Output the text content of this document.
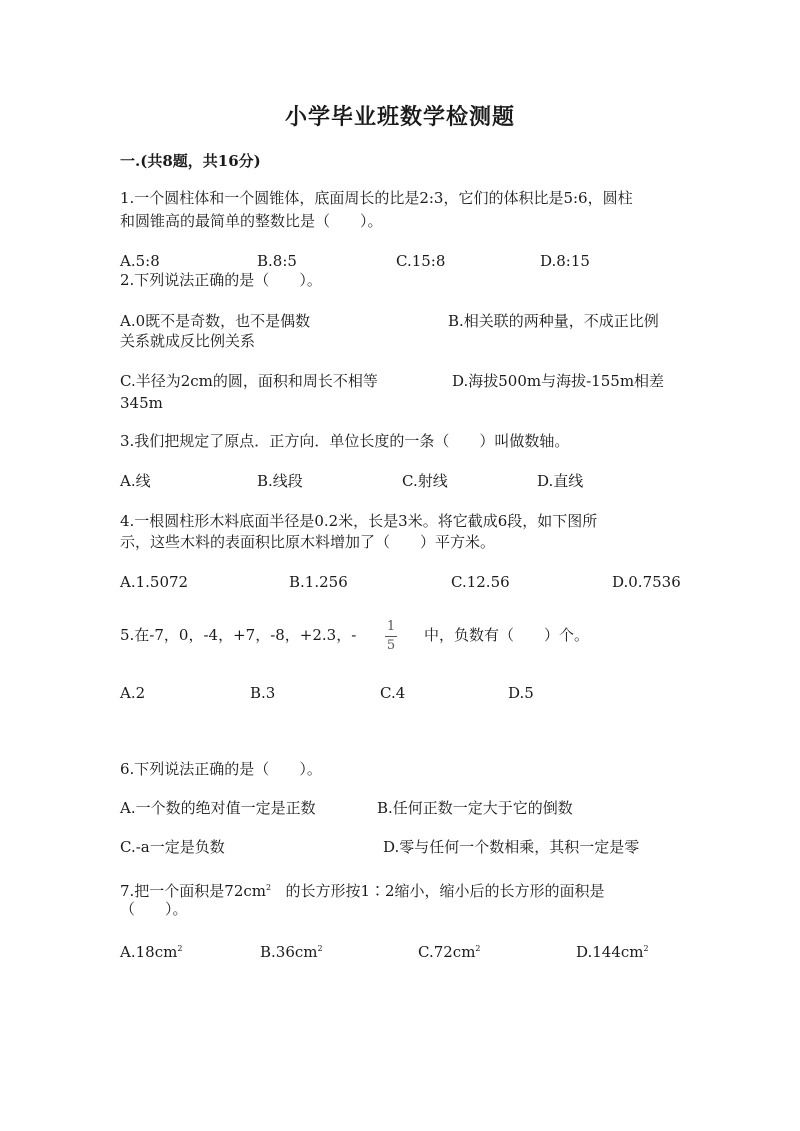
小学毕业班数学检测题
一.(共8题，共16分)
1.一个圆柱体和一个圆锥体，底面周长的比是2:3，它们的体积比是5:6，圆柱
和圆锥高的最简单的整数比是（　　）。
A.5:8	B.8:5	C.15:8	D.8:15
2.下列说法正确的是（　　）。
A.0既不是奇数，也不是偶数	B.相关联的两种量，不成正比例
关系就成反比例关系
C.半径为2cm的圆，面积和周长不相等	D.海拔500m与海拔-155m相差
345m
3.我们把规定了原点．正方向．单位长度的一条（　　）叫做数轴。
A.线	B.线段	C.射线	D.直线
4.一根圆柱形木料底面半径是0.2米，长是3米。将它截成6段，如下图所
示，这些木料的表面积比原木料增加了（　　）平方米。
A.1.5072	B.1.256	C.12.56	D.0.7536
5.在-7，0，-4，+7，-8，+2.3，- 1
5
中，负数有（　　）个。
A.2	B.3	C.4	D.5
6.下列说法正确的是（　　）。
A.一个数的绝对值一定是正数	B.任何正数一定大于它的倒数
C.-a一定是负数	D.零与任何一个数相乘，其积一定是零
7.把一个面积是$72cm^2$ 的长方形按1∶2缩小，缩小后的长方形的面积是
（　　）。
$A.18cm^2$	$B.36cm^2$	$C.72cm^2$	$D.144cm^2$
